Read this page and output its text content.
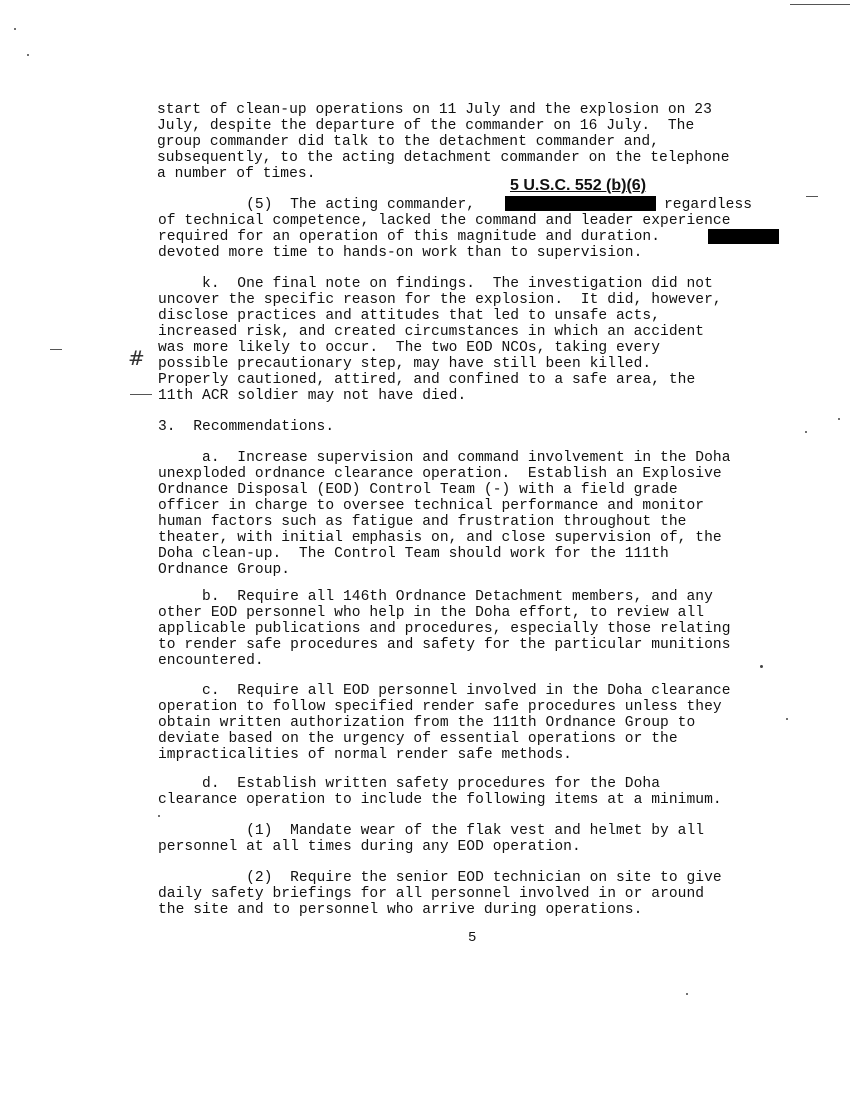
#
5 U.S.C. 552 (b)(6)
start of clean-up operations on 11 July and the explosion on 23
July, despite the departure of the commander on 16 July.  The
group commander did talk to the detachment commander and,
subsequently, to the acting detachment commander on the telephone
a number of times.
(5)  The acting commander,	regardless
of technical competence, lacked the command and leader experience
required for an operation of this magnitude and duration.
devoted more time to hands-on work than to supervision.
k.  One final note on findings.  The investigation did not
uncover the specific reason for the explosion.  It did, however,
disclose practices and attitudes that led to unsafe acts,
increased risk, and created circumstances in which an accident
was more likely to occur.  The two EOD NCOs, taking every
possible precautionary step, may have still been killed.
Properly cautioned, attired, and confined to a safe area, the
11th ACR soldier may not have died.
3.  Recommendations.
a.  Increase supervision and command involvement in the Doha
unexploded ordnance clearance operation.  Establish an Explosive
Ordnance Disposal (EOD) Control Team (-) with a field grade
officer in charge to oversee technical performance and monitor
human factors such as fatigue and frustration throughout the
theater, with initial emphasis on, and close supervision of, the
Doha clean-up.  The Control Team should work for the 111th
Ordnance Group.
b.  Require all 146th Ordnance Detachment members, and any
other EOD personnel who help in the Doha effort, to review all
applicable publications and procedures, especially those relating
to render safe procedures and safety for the particular munitions
encountered.
c.  Require all EOD personnel involved in the Doha clearance
operation to follow specified render safe procedures unless they
obtain written authorization from the 111th Ordnance Group to
deviate based on the urgency of essential operations or the
impracticalities of normal render safe methods.
d.  Establish written safety procedures for the Doha
clearance operation to include the following items at a minimum.
(1)  Mandate wear of the flak vest and helmet by all
personnel at all times during any EOD operation.
(2)  Require the senior EOD technician on site to give
daily safety briefings for all personnel involved in or around
the site and to personnel who arrive during operations.
5
